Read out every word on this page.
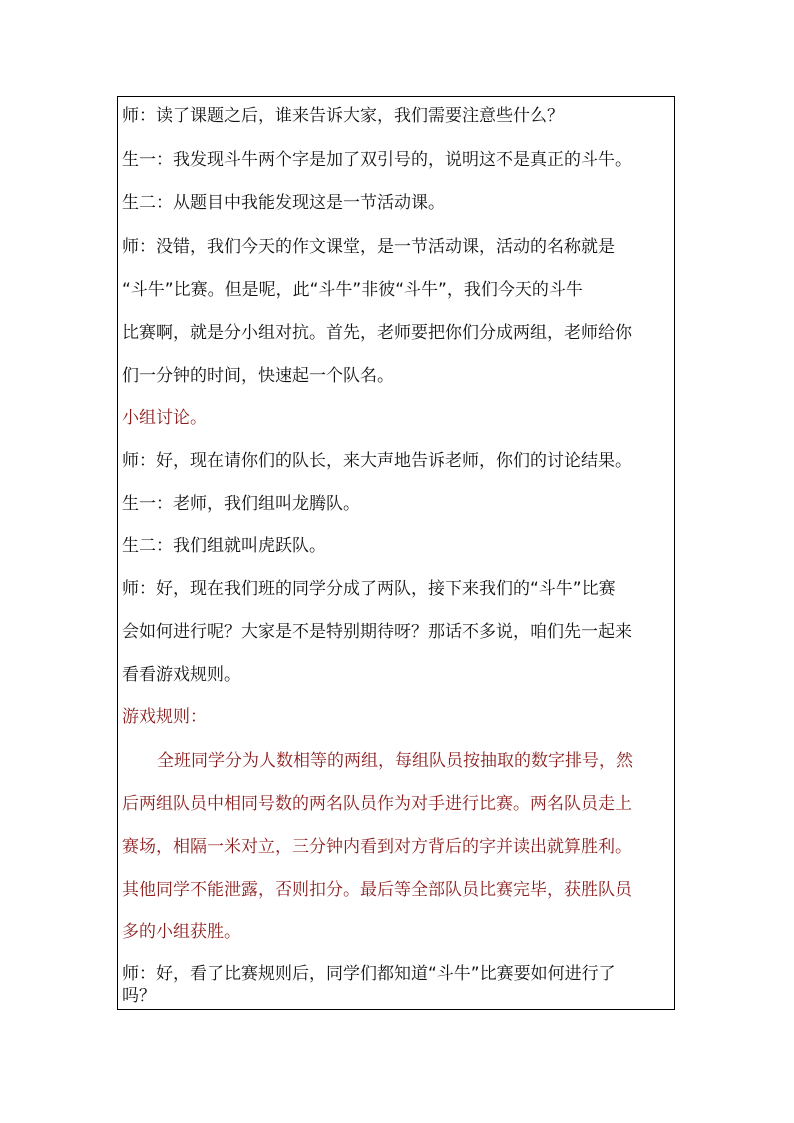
师：读了课题之后，谁来告诉大家，我们需要注意些什么？
生一：我发现斗牛两个字是加了双引号的，说明这不是真正的斗牛。
生二：从题目中我能发现这是一节活动课。
师：没错，我们今天的作文课堂，是一节活动课，活动的名称就是
“斗牛”比赛。但是呢，此“斗牛”非彼“斗牛”，我们今天的斗牛
比赛啊，就是分小组对抗。首先，老师要把你们分成两组，老师给你
们一分钟的时间，快速起一个队名。
小组讨论。
师：好，现在请你们的队长，来大声地告诉老师，你们的讨论结果。
生一：老师，我们组叫龙腾队。
生二：我们组就叫虎跃队。
师：好，现在我们班的同学分成了两队，接下来我们的“斗牛”比赛
会如何进行呢？大家是不是特别期待呀？那话不多说，咱们先一起来
看看游戏规则。
游戏规则：
全班同学分为人数相等的两组，每组队员按抽取的数字排号，然
后两组队员中相同号数的两名队员作为对手进行比赛。两名队员走上
赛场，相隔一米对立，三分钟内看到对方背后的字并读出就算胜利。
其他同学不能泄露，否则扣分。最后等全部队员比赛完毕，获胜队员
多的小组获胜。
师：好，看了比赛规则后，同学们都知道“斗牛”比赛要如何进行了
吗？
